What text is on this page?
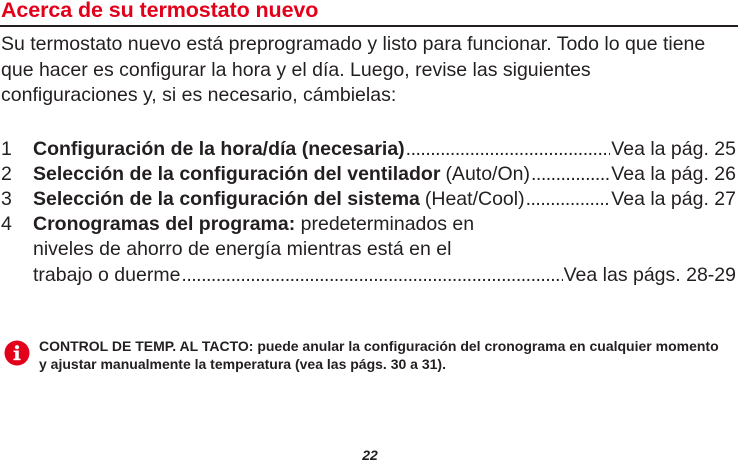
Acerca de su termostato nuevo

Su termostato nuevo está preprogramado y listo para funcionar. Todo lo que tiene que hacer es configurar la hora y el día. Luego, revise las siguientes configuraciones y, si es necesario, cámbielas:

1	Configuración de la hora/día (necesaria) .....	Vea la pág. 25
2	Selección de la configuración del ventilador (Auto/On) .....	Vea la pág. 26
3	Selección de la configuración del sistema (Heat/Cool) .....	Vea la pág. 27
4	Cronogramas del programa: predeterminados en
niveles de ahorro de energía mientras está en el
trabajo o duerme .....	Vea las págs. 28-29

CONTROL DE TEMP. AL TACTO: puede anular la configuración del cronograma en cualquier momento y ajustar manualmente la temperatura (vea las págs. 30 a 31).

22
